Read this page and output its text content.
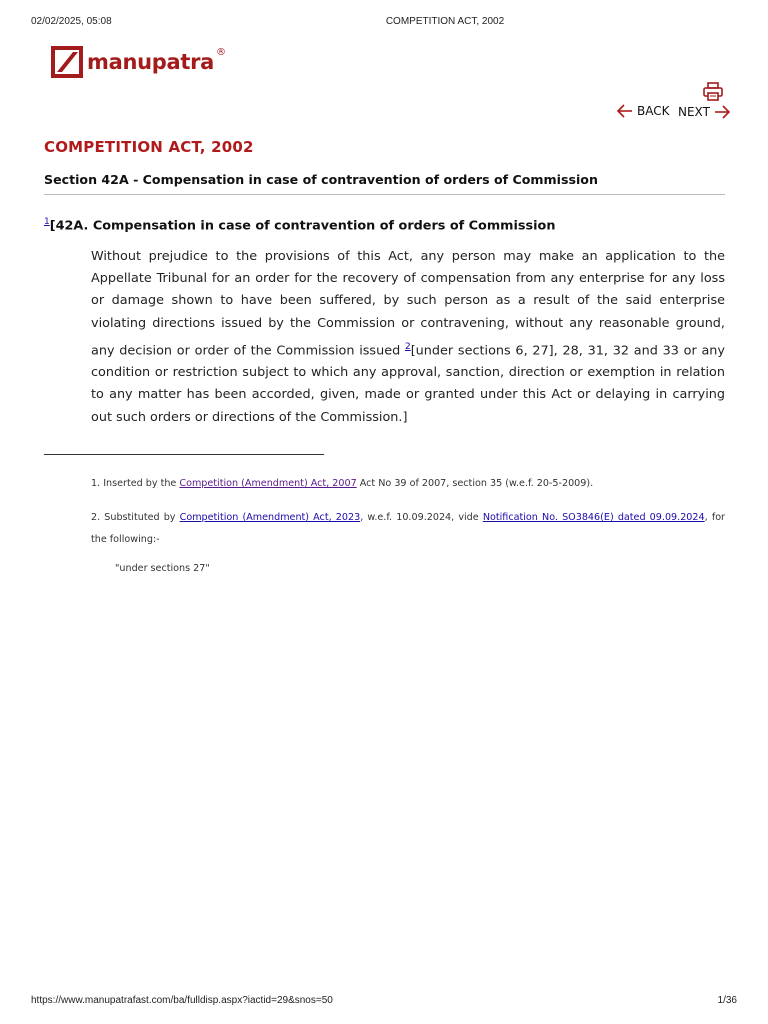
02/02/2025, 05:08	COMPETITION ACT, 2002
manupatra ®
BACK NEXT
COMPETITION ACT, 2002
Section 42A - Compensation in case of contravention of orders of Commission
$^1$[42A. Compensation in case of contravention of orders of Commission

Without prejudice to the provisions of this Act, any person may make an application to the Appellate Tribunal for an order for the recovery of compensation from any enterprise for any loss or damage shown to have been suffered, by such person as a result of the said enterprise violating directions issued by the Commission or contravening, without any reasonable ground, any decision or order of the Commission issued $^2$[under sections 6, 27], 28, 31, 32 and 33 or any condition or restriction subject to which any approval, sanction, direction or exemption in relation to any matter has been accorded, given, made or granted under this Act or delaying in carrying out such orders or directions of the Commission.]

1. Inserted by the Competition (Amendment) Act, 2007 Act No 39 of 2007, section 35 (w.e.f. 20-5-2009).

2. Substituted by Competition (Amendment) Act, 2023, w.e.f. 10.09.2024, vide Notification No. SO3846(E) dated 09.09.2024, for the following:-

"under sections 27"

https://www.manupatrafast.com/ba/fulldisp.aspx?iactid=29&snos=50	1/36
